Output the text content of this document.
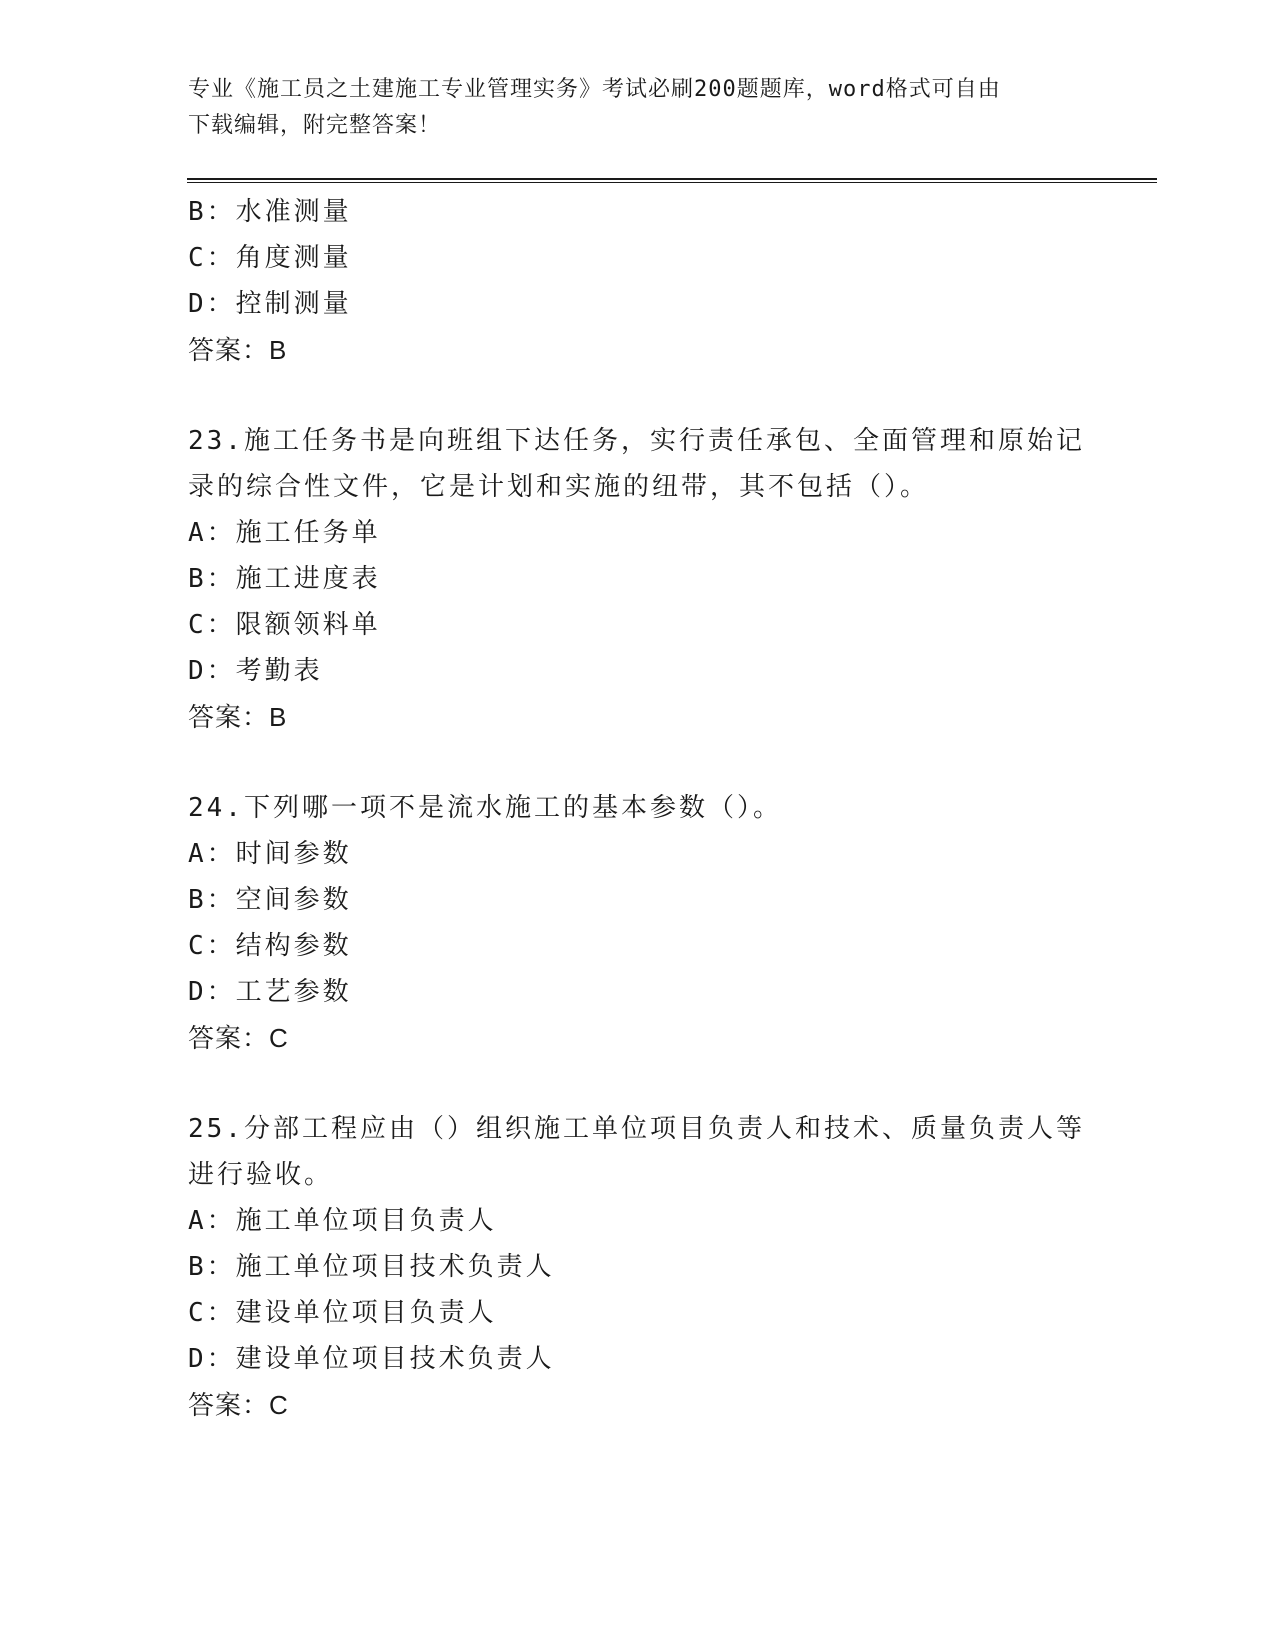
专业《施工员之土建施工专业管理实务》考试必刷200题题库，word格式可自由
下载编辑，附完整答案！
B：水准测量
C：角度测量
D：控制测量
答案：B
23.施工任务书是向班组下达任务，实行责任承包、全面管理和原始记
录的综合性文件，它是计划和实施的纽带，其不包括（）。
A：施工任务单
B：施工进度表
C：限额领料单
D：考勤表
答案：B
24.下列哪一项不是流水施工的基本参数（）。
A：时间参数
B：空间参数
C：结构参数
D：工艺参数
答案：C
25.分部工程应由（）组织施工单位项目负责人和技术、质量负责人等
进行验收。
A：施工单位项目负责人
B：施工单位项目技术负责人
C：建设单位项目负责人
D：建设单位项目技术负责人
答案：C
